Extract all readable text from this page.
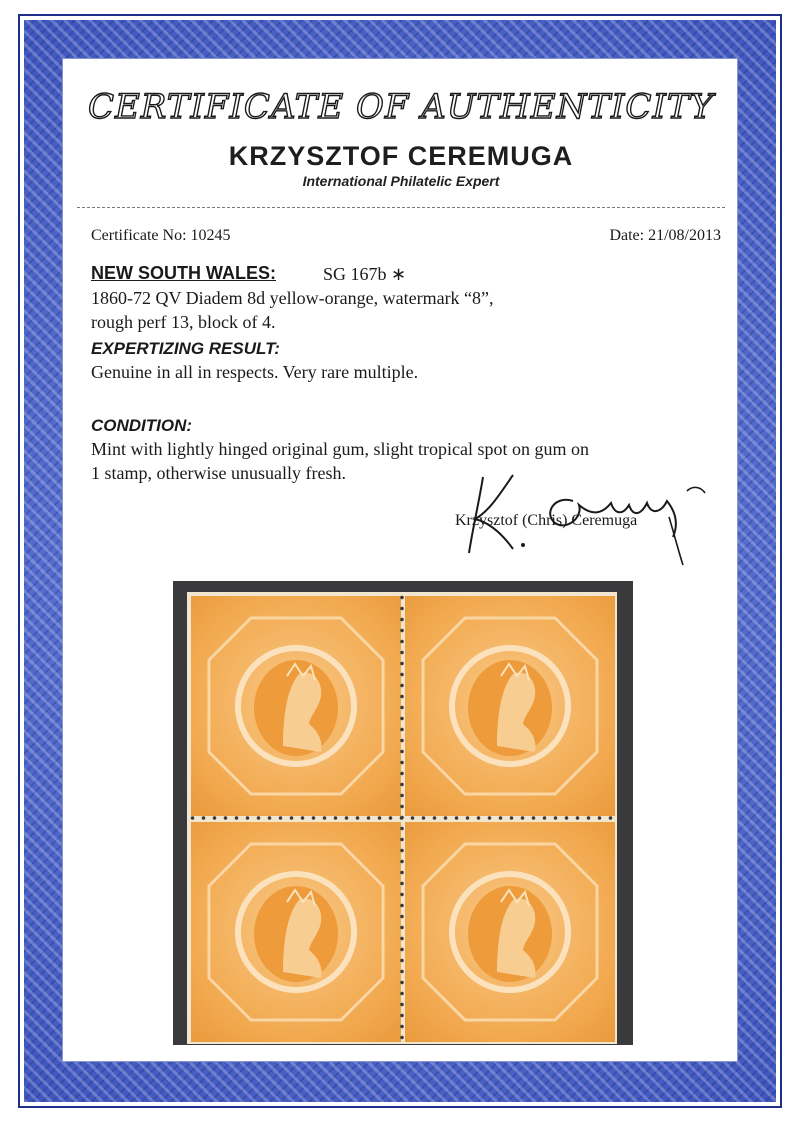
CERTIFICATE OF AUTHENTICITY

KRZYSZTOF CEREMUGA

International Philatelic Expert

Certificate No: 10245	Date: 21/08/2013

NEW SOUTH WALES:	SG 167b ∗

1860-72 QV Diadem 8d yellow-orange, watermark “8”,

rough perf 13, block of 4.

EXPERTIZING RESULT:

Genuine in all in respects. Very rare multiple.

CONDITION:

Mint with lightly hinged original gum, slight tropical spot on gum on

1 stamp, otherwise unusually fresh.

Krzysztof (Chris) Ceremuga
